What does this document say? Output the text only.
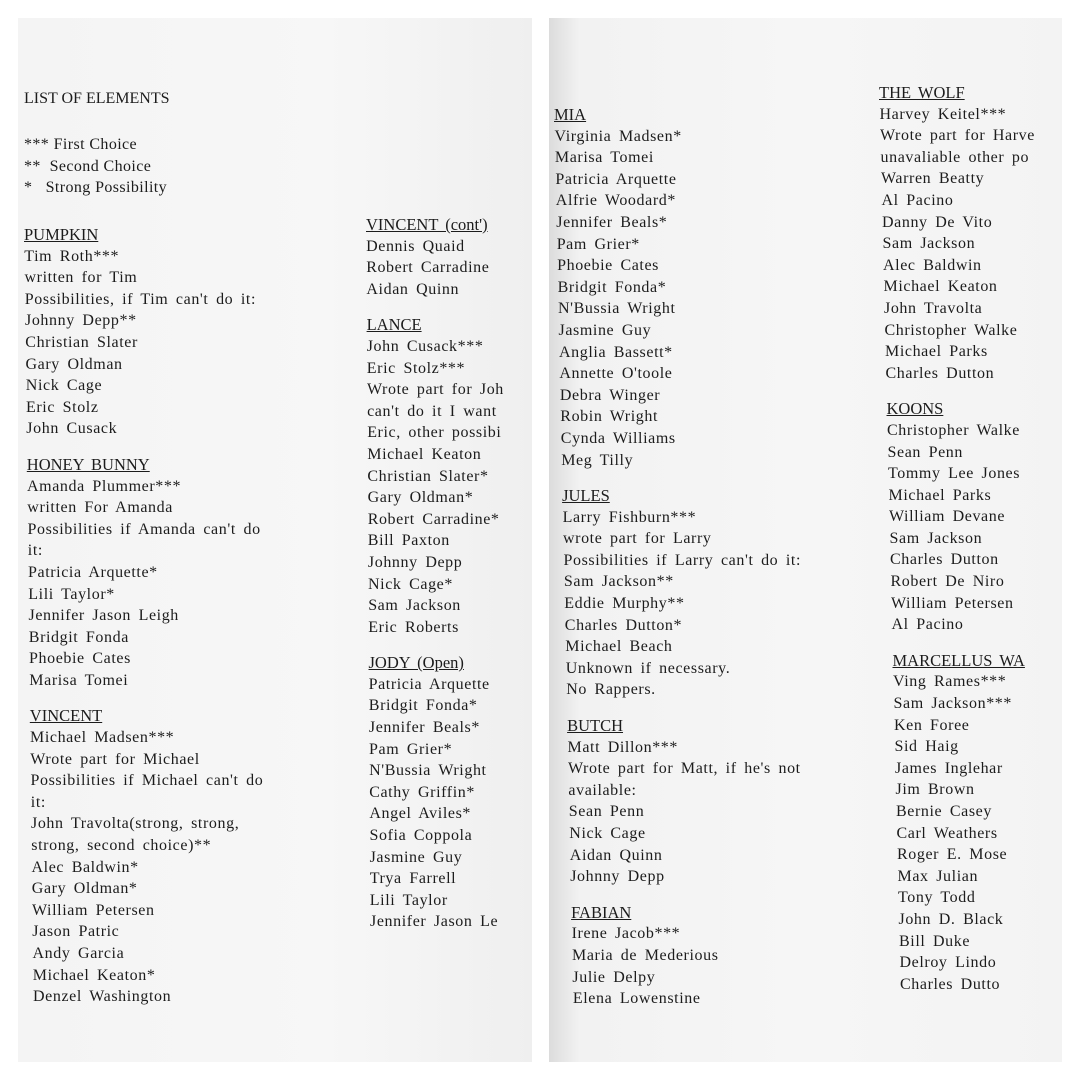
LIST OF ELEMENTS
*** First Choice
**  Second Choice
*   Strong Possibility
PUMPKIN
Tim Roth***
written for Tim
Possibilities, if Tim can't do it:
Johnny Depp**
Christian Slater
Gary Oldman
Nick Cage
Eric Stolz
John Cusack
HONEY BUNNY
Amanda Plummer***
written For Amanda
Possibilities if Amanda can't do
it:
Patricia Arquette*
Lili Taylor*
Jennifer Jason Leigh
Bridgit Fonda
Phoebie Cates
Marisa Tomei
VINCENT
Michael Madsen***
Wrote part for Michael
Possibilities if Michael can't do
it:
John Travolta(strong, strong,
strong, second choice)**
Alec Baldwin*
Gary Oldman*
William Petersen
Jason Patric
Andy Garcia
Michael Keaton*
Denzel Washington
VINCENT (cont')
Dennis Quaid
Robert Carradine
Aidan Quinn
LANCE
John Cusack***
Eric Stolz***
Wrote part for Joh
can't do it I want
Eric, other possibi
Michael Keaton
Christian Slater*
Gary Oldman*
Robert Carradine*
Bill Paxton
Johnny Depp
Nick Cage*
Sam Jackson
Eric Roberts
JODY (Open)
Patricia Arquette
Bridgit Fonda*
Jennifer Beals*
Pam Grier*
N'Bussia Wright
Cathy Griffin*
Angel Aviles*
Sofia Coppola
Jasmine Guy
Trya Farrell
Lili Taylor
Jennifer Jason Le
MIA
Virginia Madsen*
Marisa Tomei
Patricia Arquette
Alfrie Woodard*
Jennifer Beals*
Pam Grier*
Phoebie Cates
Bridgit Fonda*
N'Bussia Wright
Jasmine Guy
Anglia Bassett*
Annette O'toole
Debra Winger
Robin Wright
Cynda Williams
Meg Tilly
JULES
Larry Fishburn***
wrote part for Larry
Possibilities if Larry can't do it:
Sam Jackson**
Eddie Murphy**
Charles Dutton*
Michael Beach
Unknown if necessary.
No Rappers.
BUTCH
Matt Dillon***
Wrote part for Matt, if he's not
available:
Sean Penn
Nick Cage
Aidan Quinn
Johnny Depp
FABIAN
Irene Jacob***
Maria de Mederious
Julie Delpy
Elena Lowenstine
THE WOLF
Harvey Keitel***
Wrote part for Harve
unavaliable other po
Warren Beatty
Al Pacino
Danny De Vito
Sam Jackson
Alec Baldwin
Michael Keaton
John Travolta
Christopher Walke
Michael Parks
Charles Dutton
KOONS
Christopher Walke
Sean Penn
Tommy Lee Jones
Michael Parks
William Devane
Sam Jackson
Charles Dutton
Robert De Niro
William Petersen
Al Pacino
MARCELLUS WA
Ving Rames***
Sam Jackson***
Ken Foree
Sid Haig
James Inglehar
Jim Brown
Bernie Casey
Carl Weathers
Roger E. Mose
Max Julian
Tony Todd
John D. Black
Bill Duke
Delroy Lindo
Charles Dutto
